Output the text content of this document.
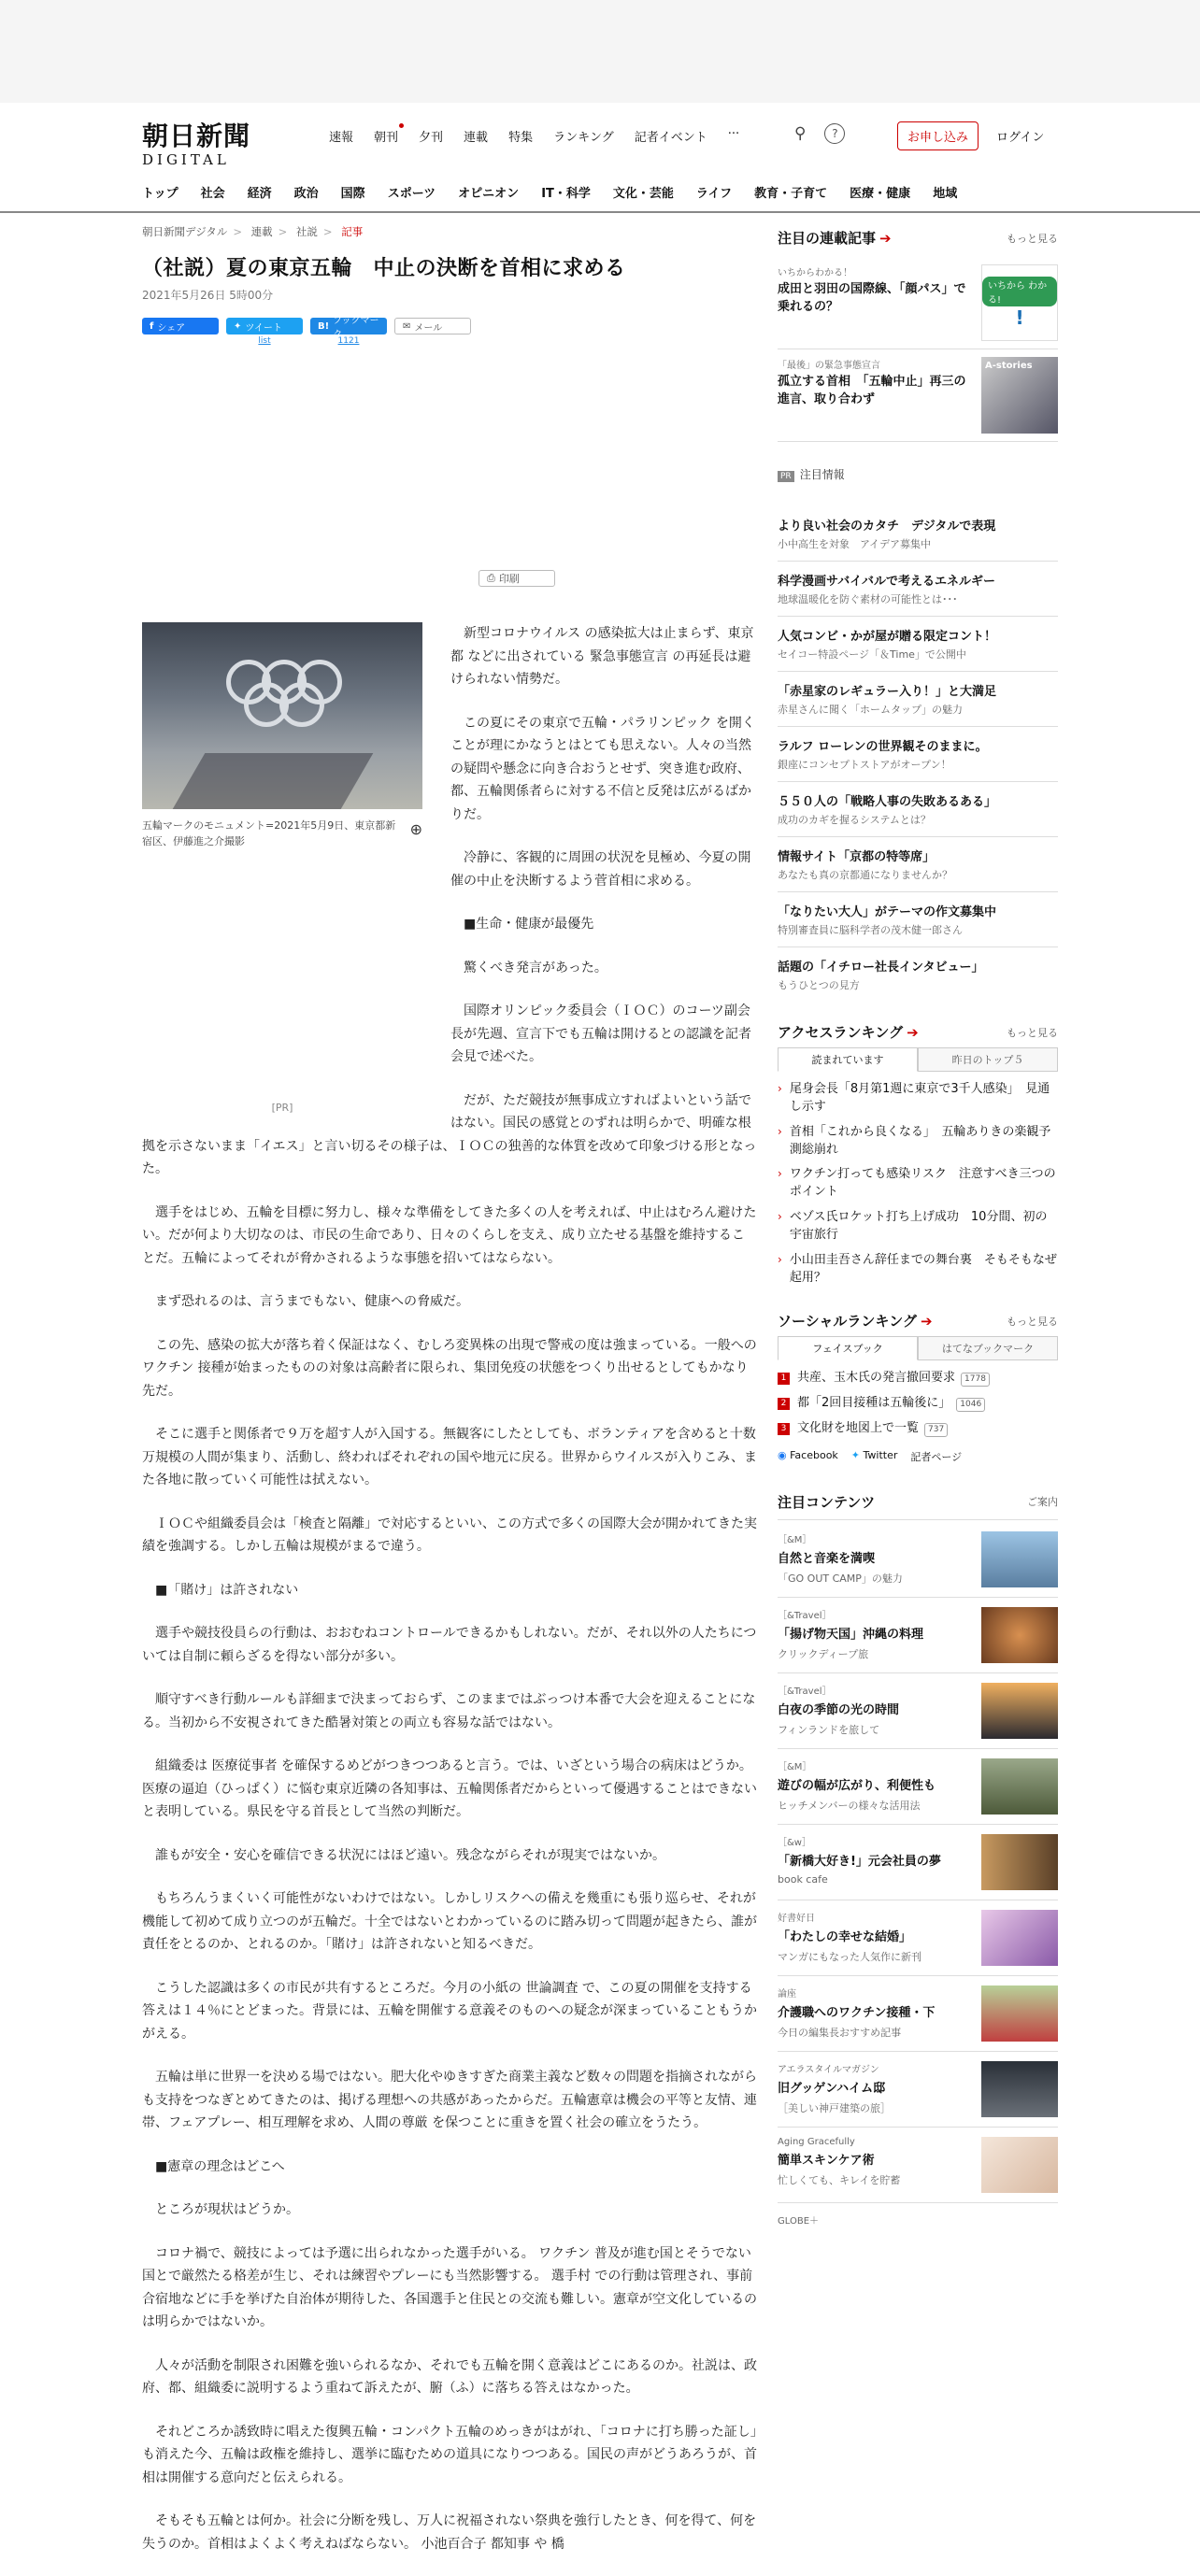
朝日新聞
DIGITAL
速報 朝刊 夕刊 連載 特集 ランキング 記者イベント ···	⚲	?	お申し込み	ログイン
トップ 社会 経済 政治 国際 スポーツ オピニオン IT・科学 文化・芸能 ライフ 教育・子育て 医療・健康 地域
朝日新聞デジタル > 連載 > 社説 > 記事
（社説）夏の東京五輪　中止の決断を首相に求める
2021年5月26日 5時00分
f シェア	✦ ツイート
list
B! ブックマーク
1121
✉ メール
⎙ 印刷
五輪マークのモニュメント=2021年5月9日、東京都新宿区、伊藤進之介撮影
⊕
[PR]

新型コロナウイルス の感染拡大は止まらず、東京都 などに出されている 緊急事態宣言 の再延長は避けられない情勢だ。

この夏にその東京で五輪・パラリンピック を開くことが理にかなうとはとても思えない。人々の当然の疑問や懸念に向き合おうとせず、突き進む政府、都、五輪関係者らに対する不信と反発は広がるばかりだ。

冷静に、客観的に周囲の状況を見極め、今夏の開催の中止を決断するよう菅首相に求める。

■生命・健康が最優先

驚くべき発言があった。

国際オリンピック委員会（ＩＯＣ）のコーツ副会長が先週、宣言下でも五輪は開けるとの認識を記者会見で述べた。

だが、ただ競技が無事成立すればよいという話ではない。国民の感覚とのずれは明らかで、明確な根拠を示さないまま「イエス」と言い切るその様子は、ＩＯＣの独善的な体質を改めて印象づける形となった。

選手をはじめ、五輪を目標に努力し、様々な準備をしてきた多くの人を考えれば、中止はむろん避けたい。だが何より大切なのは、市民の生命であり、日々のくらしを支え、成り立たせる基盤を維持することだ。五輪によってそれが脅かされるような事態を招いてはならない。

まず恐れるのは、言うまでもない、健康への脅威だ。

この先、感染の拡大が落ち着く保証はなく、むしろ変異株の出現で警戒の度は強まっている。一般への ワクチン 接種が始まったものの対象は高齢者に限られ、集団免疫の状態をつくり出せるとしてもかなり先だ。

そこに選手と関係者で９万を超す人が入国する。無観客にしたとしても、ボランティアを含めると十数万規模の人間が集まり、活動し、終わればそれぞれの国や地元に戻る。世界からウイルスが入りこみ、また各地に散っていく可能性は拭えない。

ＩＯＣや組織委員会は「検査と隔離」で対応するといい、この方式で多くの国際大会が開かれてきた実績を強調する。しかし五輪は規模がまるで違う。

■「賭け」は許されない

選手や競技役員らの行動は、おおむねコントロールできるかもしれない。だが、それ以外の人たちについては自制に頼らざるを得ない部分が多い。

順守すべき行動ルールも詳細まで決まっておらず、このままではぶっつけ本番で大会を迎えることになる。当初から不安視されてきた酷暑対策との両立も容易な話ではない。

組織委は 医療従事者 を確保するめどがつきつつあると言う。では、いざという場合の病床はどうか。医療の逼迫（ひっぱく）に悩む東京近隣の各知事は、五輪関係者だからといって優遇することはできないと表明している。県民を守る首長として当然の判断だ。

誰もが安全・安心を確信できる状況にはほど遠い。残念ながらそれが現実ではないか。

もちろんうまくいく可能性がないわけではない。しかしリスクへの備えを幾重にも張り巡らせ、それが機能して初めて成り立つのが五輪だ。十全ではないとわかっているのに踏み切って問題が起きたら、誰が責任をとるのか、とれるのか。「賭け」は許されないと知るべきだ。

こうした認識は多くの市民が共有するところだ。今月の小紙の 世論調査 で、この夏の開催を支持する答えは１４％にとどまった。背景には、五輪を開催する意義そのものへの疑念が深まっていることもうかがえる。

五輪は単に世界一を決める場ではない。肥大化やゆきすぎた商業主義など数々の問題を指摘されながらも支持をつなぎとめてきたのは、掲げる理想への共感があったからだ。五輪憲章は機会の平等と友情、連帯、フェアプレー、相互理解を求め、人間の尊厳 を保つことに重きを置く社会の確立をうたう。

■憲章の理念はどこへ

ところが現状はどうか。

コロナ禍で、競技によっては予選に出られなかった選手がいる。 ワクチン 普及が進む国とそうでない国とで厳然たる格差が生じ、それは練習やプレーにも当然影響する。 選手村 での行動は管理され、事前合宿地などに手を挙げた自治体が期待した、各国選手と住民との交流も難しい。憲章が空文化しているのは明らかではないか。

人々が活動を制限され困難を強いられるなか、それでも五輪を開く意義はどこにあるのか。社説は、政府、都、組織委に説明するよう重ねて訴えたが、腑（ふ）に落ちる答えはなかった。

それどころか誘致時に唱えた復興五輪・コンパクト五輪のめっきがはがれ、「コロナに打ち勝った証し」も消えた今、五輪は政権を維持し、選挙に臨むための道具になりつつある。国民の声がどうあろうが、首相は開催する意向だと伝えられる。

そもそも五輪とは何か。社会に分断を残し、万人に祝福されない祭典を強行したとき、何を得て、何を失うのか。首相はよくよく考えねばならない。 小池百合子 都知事 や 橋

注目の連載記事 ➔	もっと見る
いちからわかる！
成田と羽田の国際線、「顔パス」で乗れるの？
いちから わかる!
!
「最後」の緊急事態宣言
孤立する首相　「五輪中止」再三の進言、取り合わず
A-stories
PR 注目情報
より良い社会のカタチ　デジタルで表現
小中高生を対象　アイデア募集中
科学漫画サバイバルで考えるエネルギー
地球温暖化を防ぐ素材の可能性とは･･･
人気コンビ・かが屋が贈る限定コント！
セイコー特設ページ「＆Time」で公開中
「赤星家のレギュラー入り！」と大満足
赤星さんに聞く「ホームタップ」の魅力
ラルフ ローレンの世界観そのままに。
銀座にコンセプトストアがオープン！
５５０人の「戦略人事の失敗あるある」
成功のカギを握るシステムとは？
情報サイト「京都の特等席」
あなたも真の京都通になりませんか？
「なりたい大人」がテーマの作文募集中
特別審査員に脳科学者の茂木健一郎さん
話題の「イチロー社長インタビュー」
もうひとつの見方
アクセスランキング ➔	もっと見る
読まれています	昨日のトップ５
› 尾身会長「8月第1週に東京で3千人感染」　見通し示す
› 首相「これから良くなる」　五輪ありきの楽観予測総崩れ
› ワクチン打っても感染リスク　注意すべき三つのポイント
› ベゾス氏ロケット打ち上げ成功　10分間、初の宇宙旅行
› 小山田圭吾さん辞任までの舞台裏　そもそもなぜ起用？
ソーシャルランキング ➔	もっと見る
フェイスブック	はてなブックマーク
1 共産、玉木氏の発言撤回要求 1778
2 都「2回目接種は五輪後に」 1046
3 文化財を地図上で一覧 737
◉ Facebook ✦ Twitter 記者ページ
注目コンテンツ	ご案内
［&M］
自然と音楽を満喫
「GO OUT CAMP」の魅力
［&Travel］
「揚げ物天国」沖縄の料理
クリックディープ旅
［&Travel］
白夜の季節の光の時間
フィンランドを旅して
［&M］
遊びの幅が広がり、利便性も
ヒッチメンバーの様々な活用法
［&w］
「新橋大好き!」元会社員の夢
book cafe
好書好日
「わたしの幸せな結婚」
マンガにもなった人気作に新刊
論座
介護職へのワクチン接種・下
今日の編集長おすすめ記事
アエラスタイルマガジン
旧グッゲンハイム邸
［美しい神戸建築の旅］
Aging Gracefully
簡単スキンケア術
忙しくても、キレイを貯蓄
GLOBE＋
